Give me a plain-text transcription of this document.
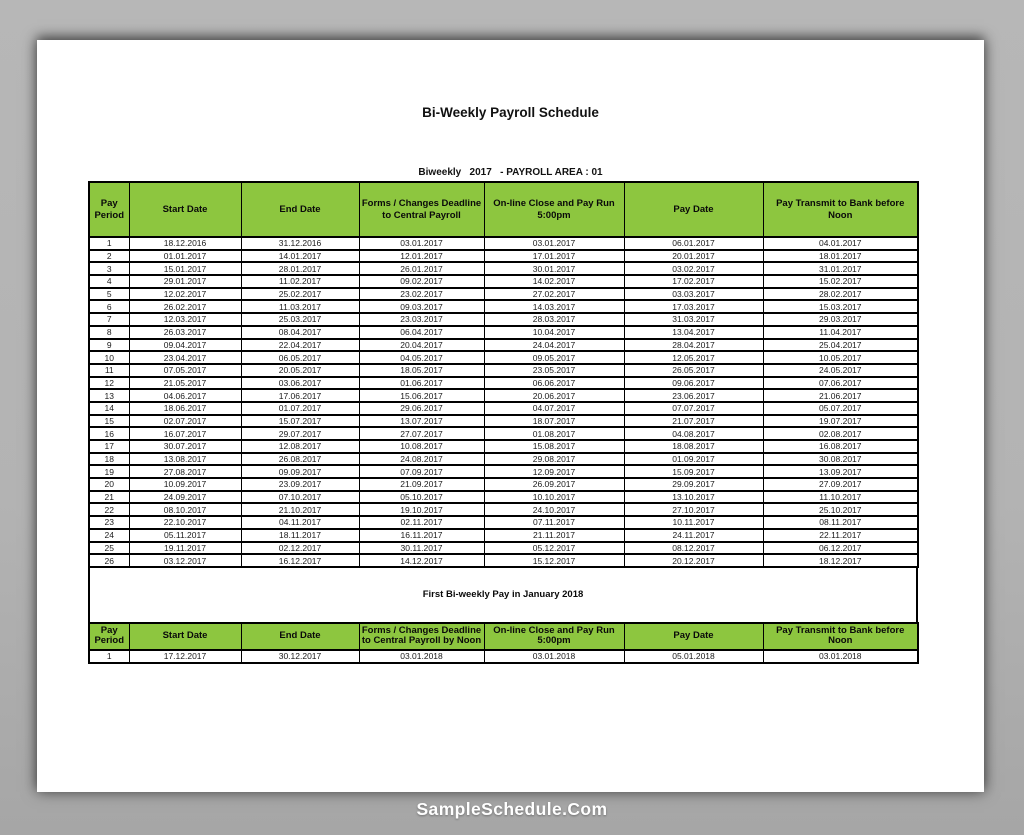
Bi-Weekly Payroll Schedule
Biweekly   2017   - PAYROLL AREA : 01
Pay Period	Start Date	End Date	Forms / Changes Deadline to Central Payroll	On-line Close and Pay Run 5:00pm	Pay Date	Pay Transmit to Bank before Noon
1	18.12.2016	31.12.2016	03.01.2017	03.01.2017	06.01.2017	04.01.2017
2	01.01.2017	14.01.2017	12.01.2017	17.01.2017	20.01.2017	18.01.2017
3	15.01.2017	28.01.2017	26.01.2017	30.01.2017	03.02.2017	31.01.2017
4	29.01.2017	11.02.2017	09.02.2017	14.02.2017	17.02.2017	15.02.2017
5	12.02.2017	25.02.2017	23.02.2017	27.02.2017	03.03.2017	28.02.2017
6	26.02.2017	11.03.2017	09.03.2017	14.03.2017	17.03.2017	15.03.2017
7	12.03.2017	25.03.2017	23.03.2017	28.03.2017	31.03.2017	29.03.2017
8	26.03.2017	08.04.2017	06.04.2017	10.04.2017	13.04.2017	11.04.2017
9	09.04.2017	22.04.2017	20.04.2017	24.04.2017	28.04.2017	25.04.2017
10	23.04.2017	06.05.2017	04.05.2017	09.05.2017	12.05.2017	10.05.2017
11	07.05.2017	20.05.2017	18.05.2017	23.05.2017	26.05.2017	24.05.2017
12	21.05.2017	03.06.2017	01.06.2017	06.06.2017	09.06.2017	07.06.2017
13	04.06.2017	17.06.2017	15.06.2017	20.06.2017	23.06.2017	21.06.2017
14	18.06.2017	01.07.2017	29.06.2017	04.07.2017	07.07.2017	05.07.2017
15	02.07.2017	15.07.2017	13.07.2017	18.07.2017	21.07.2017	19.07.2017
16	16.07.2017	29.07.2017	27.07.2017	01.08.2017	04.08.2017	02.08.2017
17	30.07.2017	12.08.2017	10.08.2017	15.08.2017	18.08.2017	16.08.2017
18	13.08.2017	26.08.2017	24.08.2017	29.08.2017	01.09.2017	30.08.2017
19	27.08.2017	09.09.2017	07.09.2017	12.09.2017	15.09.2017	13.09.2017
20	10.09.2017	23.09.2017	21.09.2017	26.09.2017	29.09.2017	27.09.2017
21	24.09.2017	07.10.2017	05.10.2017	10.10.2017	13.10.2017	11.10.2017
22	08.10.2017	21.10.2017	19.10.2017	24.10.2017	27.10.2017	25.10.2017
23	22.10.2017	04.11.2017	02.11.2017	07.11.2017	10.11.2017	08.11.2017
24	05.11.2017	18.11.2017	16.11.2017	21.11.2017	24.11.2017	22.11.2017
25	19.11.2017	02.12.2017	30.11.2017	05.12.2017	08.12.2017	06.12.2017
26	03.12.2017	16.12.2017	14.12.2017	15.12.2017	20.12.2017	18.12.2017
First Bi-weekly Pay in January 2018
Pay Period	Start Date	End Date	Forms / Changes Deadline to Central Payroll by Noon	On-line Close and Pay Run 5:00pm	Pay Date	Pay Transmit to Bank before Noon
1	17.12.2017	30.12.2017	03.01.2018	03.01.2018	05.01.2018	03.01.2018
SampleSchedule.Com
